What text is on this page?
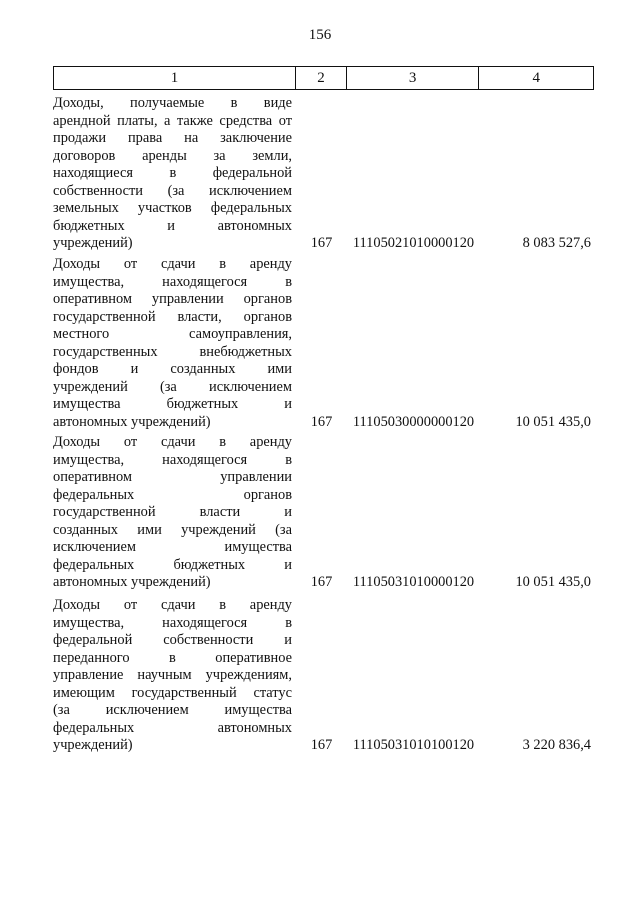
156
1	2	3	4
Доходы, получаемые в виде
арендной платы, а также средства от
продажи права на заключение
договоров аренды за земли,
находящиеся в федеральной
собственности (за исключением
земельных участков федеральных
бюджетных и автономных
учреждений)	167	11105021010000120	8 083 527,6
Доходы от сдачи в аренду
имущества, находящегося в
оперативном управлении органов
государственной власти, органов
местного самоуправления,
государственных внебюджетных
фондов и созданных ими
учреждений (за исключением
имущества бюджетных и
автономных учреждений)	167	11105030000000120	10 051 435,0
Доходы от сдачи в аренду
имущества, находящегося в
оперативном управлении
федеральных органов
государственной власти и
созданных ими учреждений (за
исключением имущества
федеральных бюджетных и
автономных учреждений)	167	11105031010000120	10 051 435,0
Доходы от сдачи в аренду
имущества, находящегося в
федеральной собственности и
переданного в оперативное
управление научным учреждениям,
имеющим государственный статус
(за исключением имущества
федеральных автономных
учреждений)	167	11105031010100120	3 220 836,4
